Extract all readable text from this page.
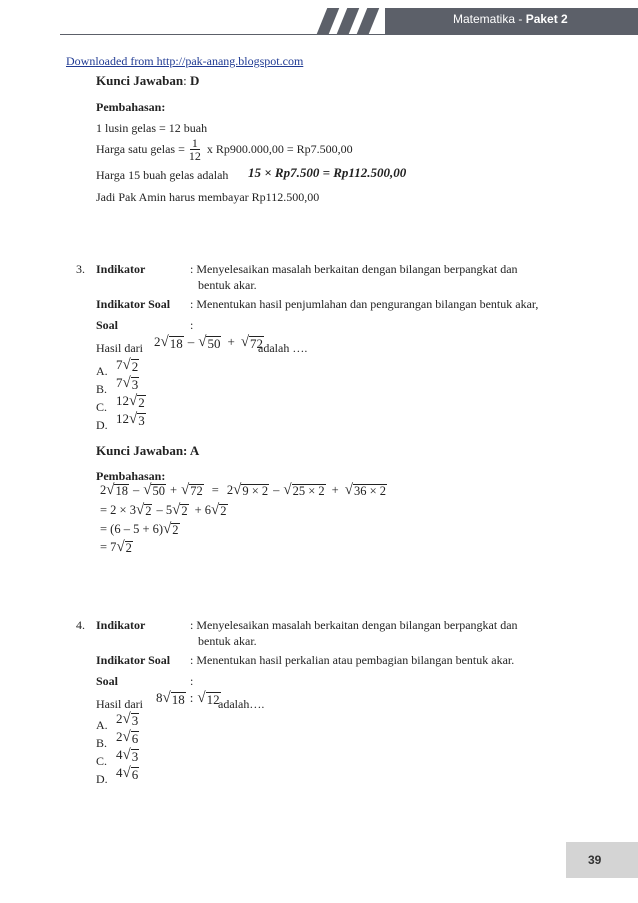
Matematika - Paket 2
Downloaded from http://pak-anang.blogspot.com
Kunci Jawaban: D
Pembahasan:
1 lusin gelas = 12 buah
Harga satu gelas = $\frac{1}{12}$ x Rp900.000,00 = Rp7.500,00
Harga 15 buah gelas adalah 15 × Rp7.500 = Rp112.500,00
Jadi Pak Amin harus membayar Rp112.500,00
3. Indikator	: Menyelesaikan masalah berkaitan dengan bilangan berpangkat dan
bentuk akar.
Indikator Soal : Menentukan hasil penjumlahan dan pengurangan bilangan bentuk akar,
Soal	:
Hasil dari 2 √ 18 – √ 50 + √ 72
adalah ….
A. 7 √ 2
B. 7 √ 3
C. 12 √ 2
D. 12 √ 3
Kunci Jawaban: A
Pembahasan:
2 √ 18 – √ 50 + √ 72 = 2 √ 9 × 2 – √ 25 × 2 + √ 36 × 2
= 2 × 3 √ 2 – 5 √ 2 + 6 √ 2
= (6 – 5 + 6) √ 2
= 7 √ 2
4. Indikator	: Menyelesaikan masalah berkaitan dengan bilangan berpangkat dan
bentuk akar.
Indikator Soal : Menentukan hasil perkalian atau pembagian bilangan bentuk akar.
Soal	:
Hasil dari 8 √ 18 : √ 12
adalah….
A. 2 √ 3
B. 2 √ 6
C. 4 √ 3
D. 4 √ 6
39
